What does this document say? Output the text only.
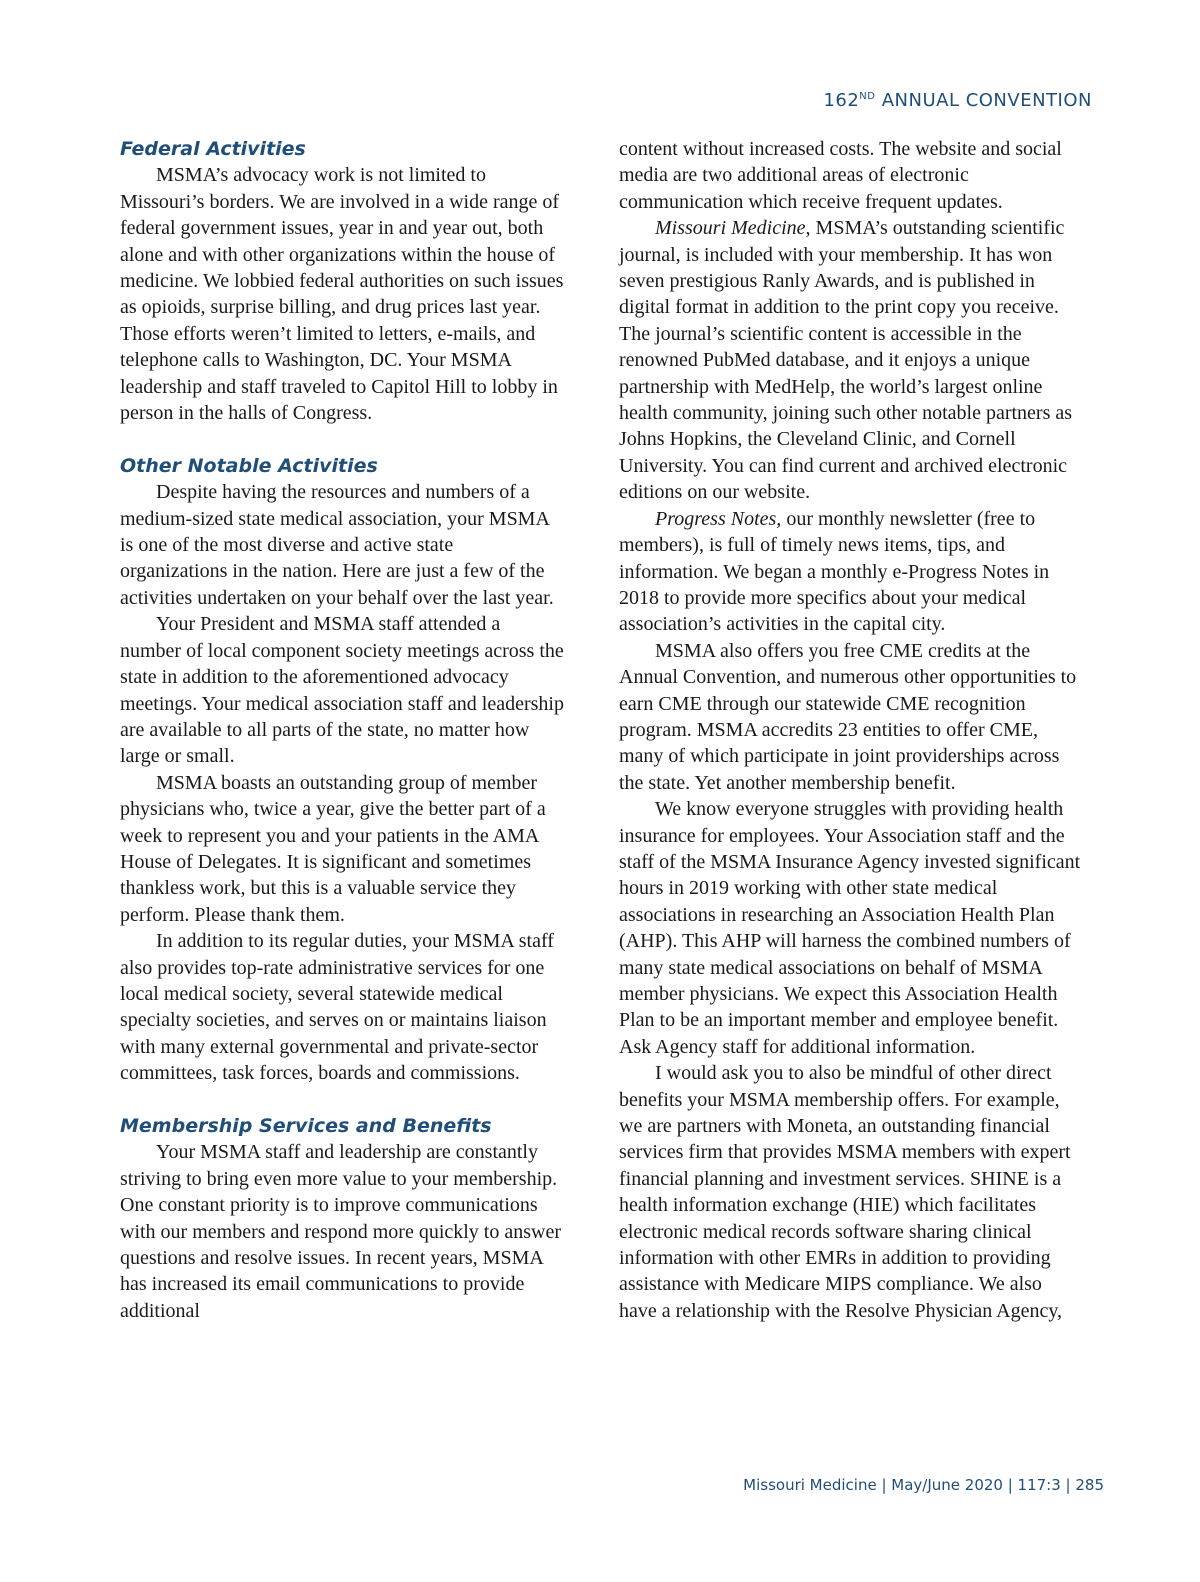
162ND ANNUAL CONVENTION
Federal Activities

MSMA’s advocacy work is not limited to Missouri’s borders. We are involved in a wide range of federal government issues, year in and year out, both alone and with other organizations within the house of medicine. We lobbied federal authorities on such issues as opioids, surprise billing, and drug prices last year. Those efforts weren’t limited to letters, e-mails, and telephone calls to Washington, DC. Your MSMA leadership and staff traveled to Capitol Hill to lobby in person in the halls of Congress.

Other Notable Activities

Despite having the resources and numbers of a medium-sized state medical association, your MSMA is one of the most diverse and active state organizations in the nation. Here are just a few of the activities undertaken on your behalf over the last year.

Your President and MSMA staff attended a number of local component society meetings across the state in addition to the aforementioned advocacy meetings. Your medical association staff and leadership are available to all parts of the state, no matter how large or small.

MSMA boasts an outstanding group of member physicians who, twice a year, give the better part of a week to represent you and your patients in the AMA House of Delegates. It is significant and sometimes thankless work, but this is a valuable service they perform. Please thank them.

In addition to its regular duties, your MSMA staff also provides top-rate administrative services for one local medical society, several statewide medical specialty societies, and serves on or maintains liaison with many external governmental and private-sector committees, task forces, boards and commissions.

Membership Services and Benefits

Your MSMA staff and leadership are constantly striving to bring even more value to your membership. One constant priority is to improve communications with our members and respond more quickly to answer questions and resolve issues. In recent years, MSMA has increased its email communications to provide additional

content without increased costs. The website and social media are two additional areas of electronic communication which receive frequent updates.

Missouri Medicine, MSMA’s outstanding scientific journal, is included with your membership. It has won seven prestigious Ranly Awards, and is published in digital format in addition to the print copy you receive. The journal’s scientific content is accessible in the renowned PubMed database, and it enjoys a unique partnership with MedHelp, the world’s largest online health community, joining such other notable partners as Johns Hopkins, the Cleveland Clinic, and Cornell University. You can find current and archived electronic editions on our website.

Progress Notes, our monthly newsletter (free to members), is full of timely news items, tips, and information. We began a monthly e-Progress Notes in 2018 to provide more specifics about your medical association’s activities in the capital city.

MSMA also offers you free CME credits at the Annual Convention, and numerous other opportunities to earn CME through our statewide CME recognition program. MSMA accredits 23 entities to offer CME, many of which participate in joint providerships across the state. Yet another membership benefit.

We know everyone struggles with providing health insurance for employees. Your Association staff and the staff of the MSMA Insurance Agency invested significant hours in 2019 working with other state medical associations in researching an Association Health Plan (AHP). This AHP will harness the combined numbers of many state medical associations on behalf of MSMA member physicians. We expect this Association Health Plan to be an important member and employee benefit. Ask Agency staff for additional information.

I would ask you to also be mindful of other direct benefits your MSMA membership offers. For example, we are partners with Moneta, an outstanding financial services firm that provides MSMA members with expert financial planning and investment services. SHINE is a health information exchange (HIE) which facilitates electronic medical records software sharing clinical information with other EMRs in addition to providing assistance with Medicare MIPS compliance. We also have a relationship with the Resolve Physician Agency,

Missouri Medicine | May/June 2020 | 117:3 | 285
